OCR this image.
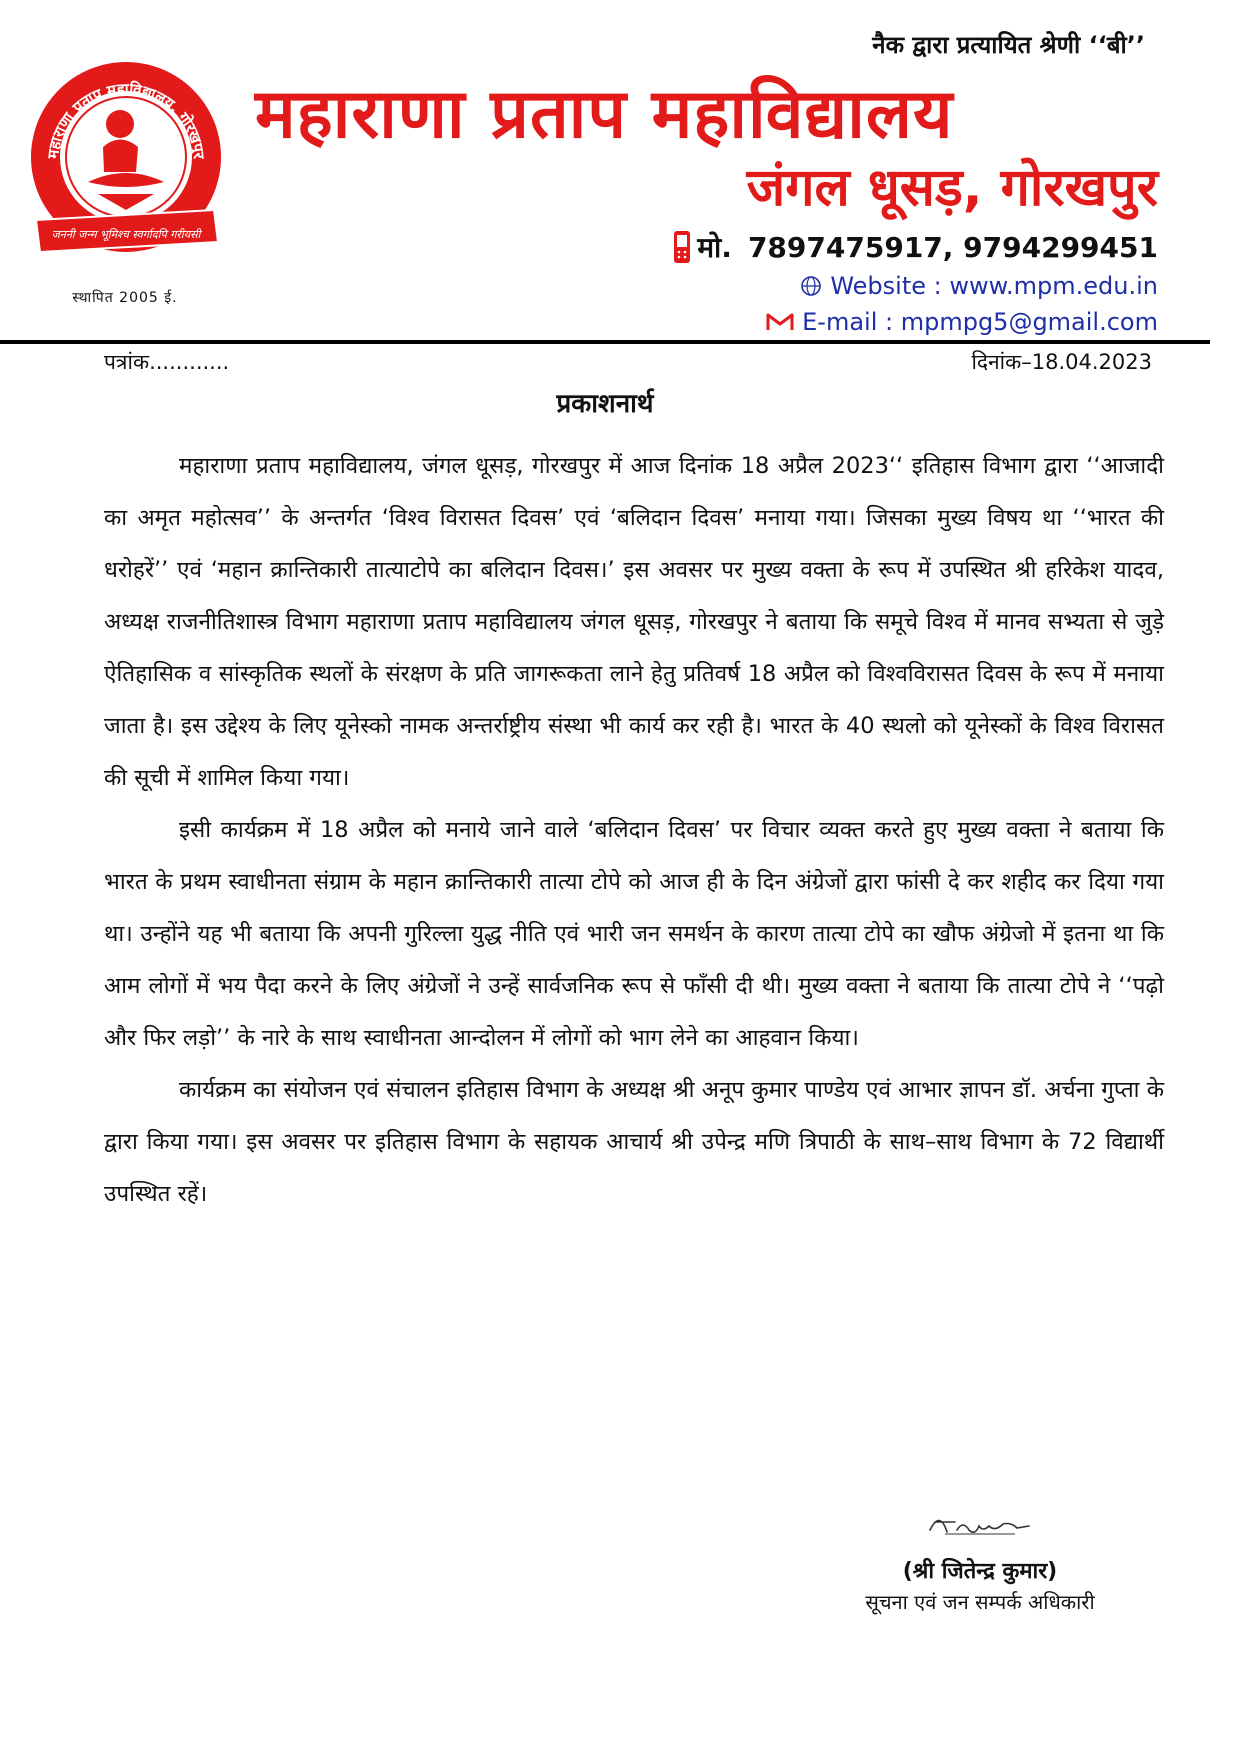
महाराणा प्रताप महाविद्यालय, गोरखपुर
जननी जन्म भूमिश्च स्वर्गादपि गरीयसी
स्थापित 2005 ई.
नैक द्वारा प्रत्यायित श्रेणी ‘‘बी’’
महाराणा प्रताप महाविद्यालय
जंगल धूसड़, गोरखपुर
मो. 7897475917, 9794299451
Website : www.mpm.edu.in
E-mail : mpmpg5@gmail.com
पत्रांक............	दिनांक–18.04.2023
प्रकाशनार्थ

महाराणा प्रताप महाविद्यालय, जंगल धूसड़, गोरखपुर में आज दिनांक 18 अप्रैल 2023‘‘ इतिहास विभाग द्वारा ‘‘आजादी का अमृत महोत्सव’’ के अन्तर्गत ‘विश्व विरासत दिवस’ एवं ‘बलिदान दिवस’ मनाया गया। जिसका मुख्य विषय था ‘‘भारत की धरोहरें’’ एवं ‘महान क्रान्तिकारी तात्याटोपे का बलिदान दिवस।’ इस अवसर पर मुख्य वक्ता के रूप में उपस्थित श्री हरिकेश यादव, अध्यक्ष राजनीतिशास्त्र विभाग महाराणा प्रताप महाविद्यालय जंगल धूसड़, गोरखपुर ने बताया कि समूचे विश्व में मानव सभ्यता से जुड़े ऐतिहासिक व सांस्कृतिक स्थलों के संरक्षण के प्रति जागरूकता लाने हेतु प्रतिवर्ष 18 अप्रैल को विश्वविरासत दिवस के रूप में मनाया जाता है। इस उद्देश्य के लिए यूनेस्को नामक अन्तर्राष्ट्रीय संस्था भी कार्य कर रही है। भारत के 40 स्थलो को यूनेस्कों के विश्व विरासत की सूची में शामिल किया गया।

इसी कार्यक्रम में 18 अप्रैल को मनाये जाने वाले ‘बलिदान दिवस’ पर विचार व्यक्त करते हुए मुख्य वक्ता ने बताया कि भारत के प्रथम स्वाधीनता संग्राम के महान क्रान्तिकारी तात्या टोपे को आज ही के दिन अंग्रेजों द्वारा फांसी दे कर शहीद कर दिया गया था। उन्होंने यह भी बताया कि अपनी गुरिल्ला युद्ध नीति एवं भारी जन समर्थन के कारण तात्या टोपे का खौफ अंग्रेजो में इतना था कि आम लोगों में भय पैदा करने के लिए अंग्रेजों ने उन्हें सार्वजनिक रूप से फाँसी दी थी। मुख्य वक्ता ने बताया कि तात्या टोपे ने ‘‘पढ़ो और फिर लड़ो’’ के नारे के साथ स्वाधीनता आन्दोलन में लोगों को भाग लेने का आहवान किया।

कार्यक्रम का संयोजन एवं संचालन इतिहास विभाग के अध्यक्ष श्री अनूप कुमार पाण्डेय एवं आभार ज्ञापन डॉ. अर्चना गुप्ता के द्वारा किया गया। इस अवसर पर इतिहास विभाग के सहायक आचार्य श्री उपेन्द्र मणि त्रिपाठी के साथ–साथ विभाग के 72 विद्यार्थी उपस्थित रहें।

(श्री जितेन्द्र कुमार)
सूचना एवं जन सम्पर्क अधिकारी
